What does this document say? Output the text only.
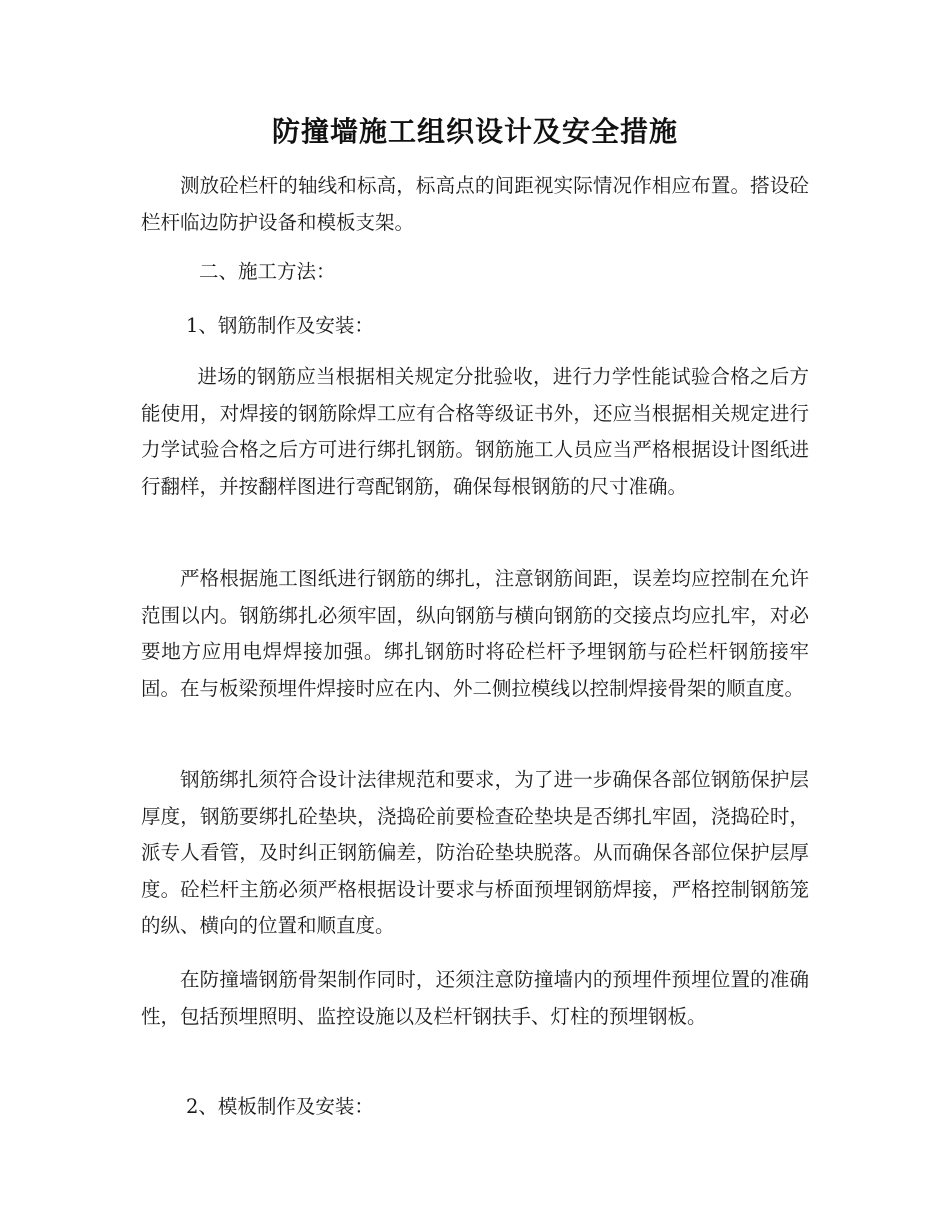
防撞墙施工组织设计及安全措施

测放砼栏杆的轴线和标高，标高点的间距视实际情况作相应布置。搭设砼栏杆临边防护设备和模板支架。

二、施工方法：

1、钢筋制作及安装：

进场的钢筋应当根据相关规定分批验收，进行力学性能试验合格之后方能使用，对焊接的钢筋除焊工应有合格等级证书外，还应当根据相关规定进行力学试验合格之后方可进行绑扎钢筋。钢筋施工人员应当严格根据设计图纸进行翻样，并按翻样图进行弯配钢筋，确保每根钢筋的尺寸准确。

严格根据施工图纸进行钢筋的绑扎，注意钢筋间距，误差均应控制在允许范围以内。钢筋绑扎必须牢固，纵向钢筋与横向钢筋的交接点均应扎牢，对必要地方应用电焊焊接加强。绑扎钢筋时将砼栏杆予埋钢筋与砼栏杆钢筋接牢固。在与板梁预埋件焊接时应在内、外二侧拉模线以控制焊接骨架的顺直度。

钢筋绑扎须符合设计法律规范和要求，为了进一步确保各部位钢筋保护层厚度，钢筋要绑扎砼垫块，浇捣砼前要检查砼垫块是否绑扎牢固，浇捣砼时，派专人看管，及时纠正钢筋偏差，防治砼垫块脱落。从而确保各部位保护层厚度。砼栏杆主筋必须严格根据设计要求与桥面预埋钢筋焊接，严格控制钢筋笼的纵、横向的位置和顺直度。

在防撞墙钢筋骨架制作同时，还须注意防撞墙内的预埋件预埋位置的准确性，包括预埋照明、监控设施以及栏杆钢扶手、灯柱的预埋钢板。

2、模板制作及安装：
